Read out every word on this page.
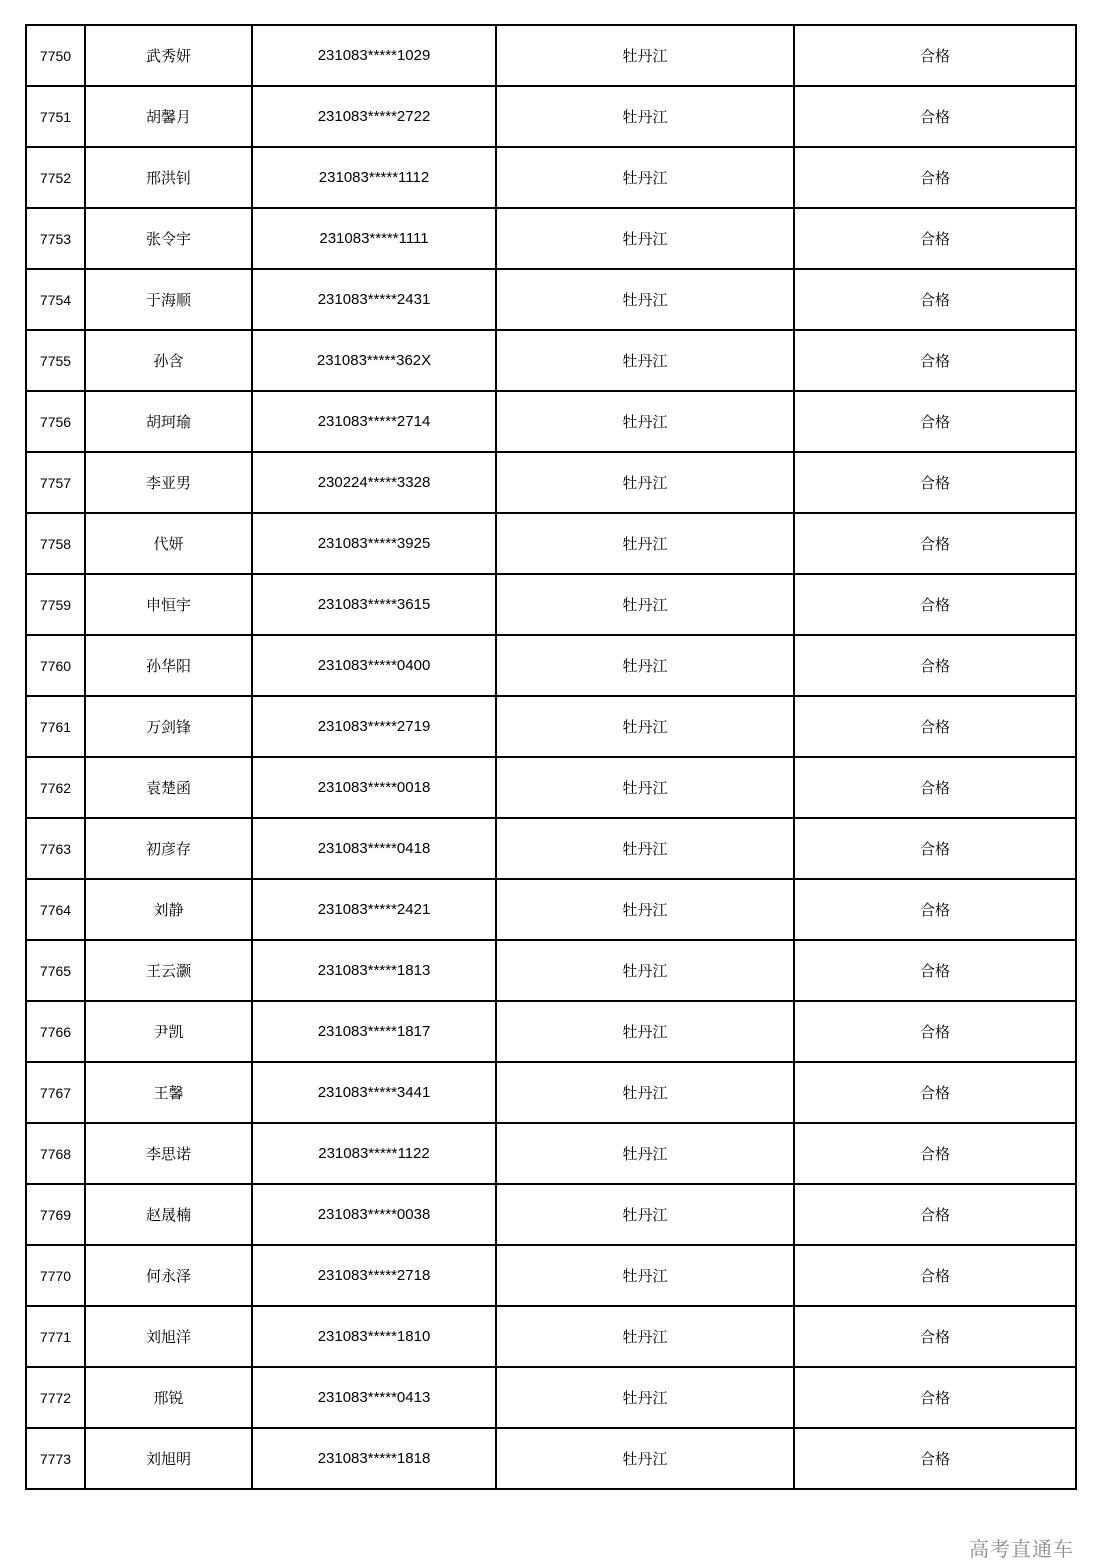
7750	武秀妍	231083*****1029	牡丹江	合格
7751	胡馨月	231083*****2722	牡丹江	合格
7752	邢洪钊	231083*****1112	牡丹江	合格
7753	张令宇	231083*****1111	牡丹江	合格
7754	于海顺	231083*****2431	牡丹江	合格
7755	孙含	231083*****362X	牡丹江	合格
7756	胡珂瑜	231083*****2714	牡丹江	合格
7757	李亚男	230224*****3328	牡丹江	合格
7758	代妍	231083*****3925	牡丹江	合格
7759	申恒宇	231083*****3615	牡丹江	合格
7760	孙华阳	231083*****0400	牡丹江	合格
7761	万剑锋	231083*****2719	牡丹江	合格
7762	袁楚函	231083*****0018	牡丹江	合格
7763	初彦存	231083*****0418	牡丹江	合格
7764	刘静	231083*****2421	牡丹江	合格
7765	王云灏	231083*****1813	牡丹江	合格
7766	尹凯	231083*****1817	牡丹江	合格
7767	王馨	231083*****3441	牡丹江	合格
7768	李思诺	231083*****1122	牡丹江	合格
7769	赵晟楠	231083*****0038	牡丹江	合格
7770	何永泽	231083*****2718	牡丹江	合格
7771	刘旭洋	231083*****1810	牡丹江	合格
7772	邢锐	231083*****0413	牡丹江	合格
7773	刘旭明	231083*****1818	牡丹江	合格
高考直通车
